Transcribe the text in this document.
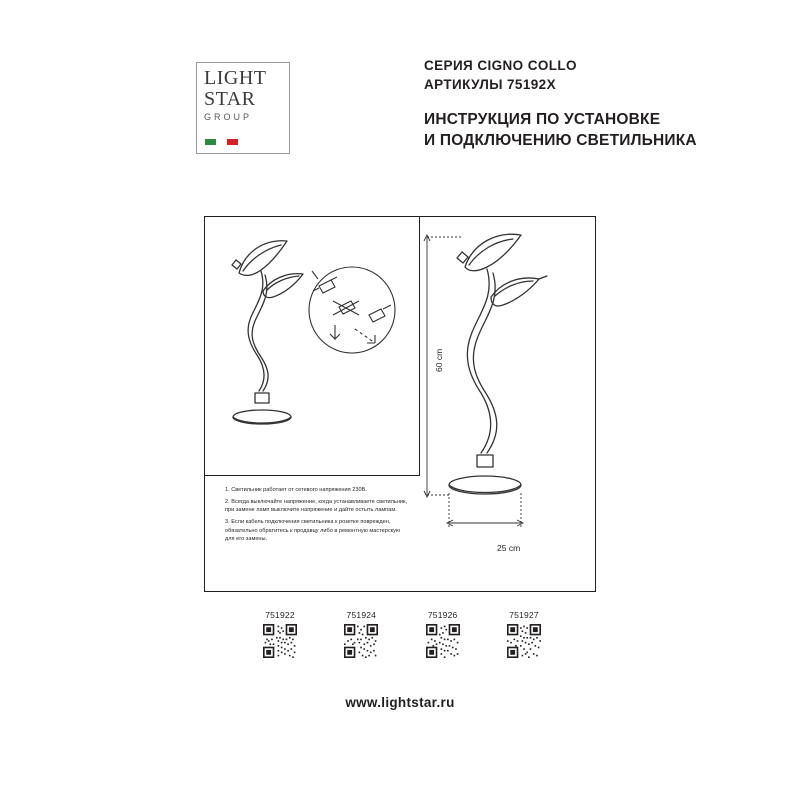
LIGHT
STAR
GROUP
СЕРИЯ CIGNO COLLO
АРТИКУЛЫ 75192X
ИНСТРУКЦИЯ ПО УСТАНОВКЕ
И ПОДКЛЮЧЕНИЮ СВЕТИЛЬНИКА
60 cm
25 cm

1. Светильник работает от сетевого напряжения 230В.

2. Всегда выключайте напряжение, когда устанавливаете светильник, при замене ламп выключите напряжение и дайте остыть лампам.

3. Если кабель подключения светильника к розетке поврежден, обязательно обратитесь к продавцу либо в ремонтную мастерскую для его замены.

751922	751924	751926	751927
www.lightstar.ru
